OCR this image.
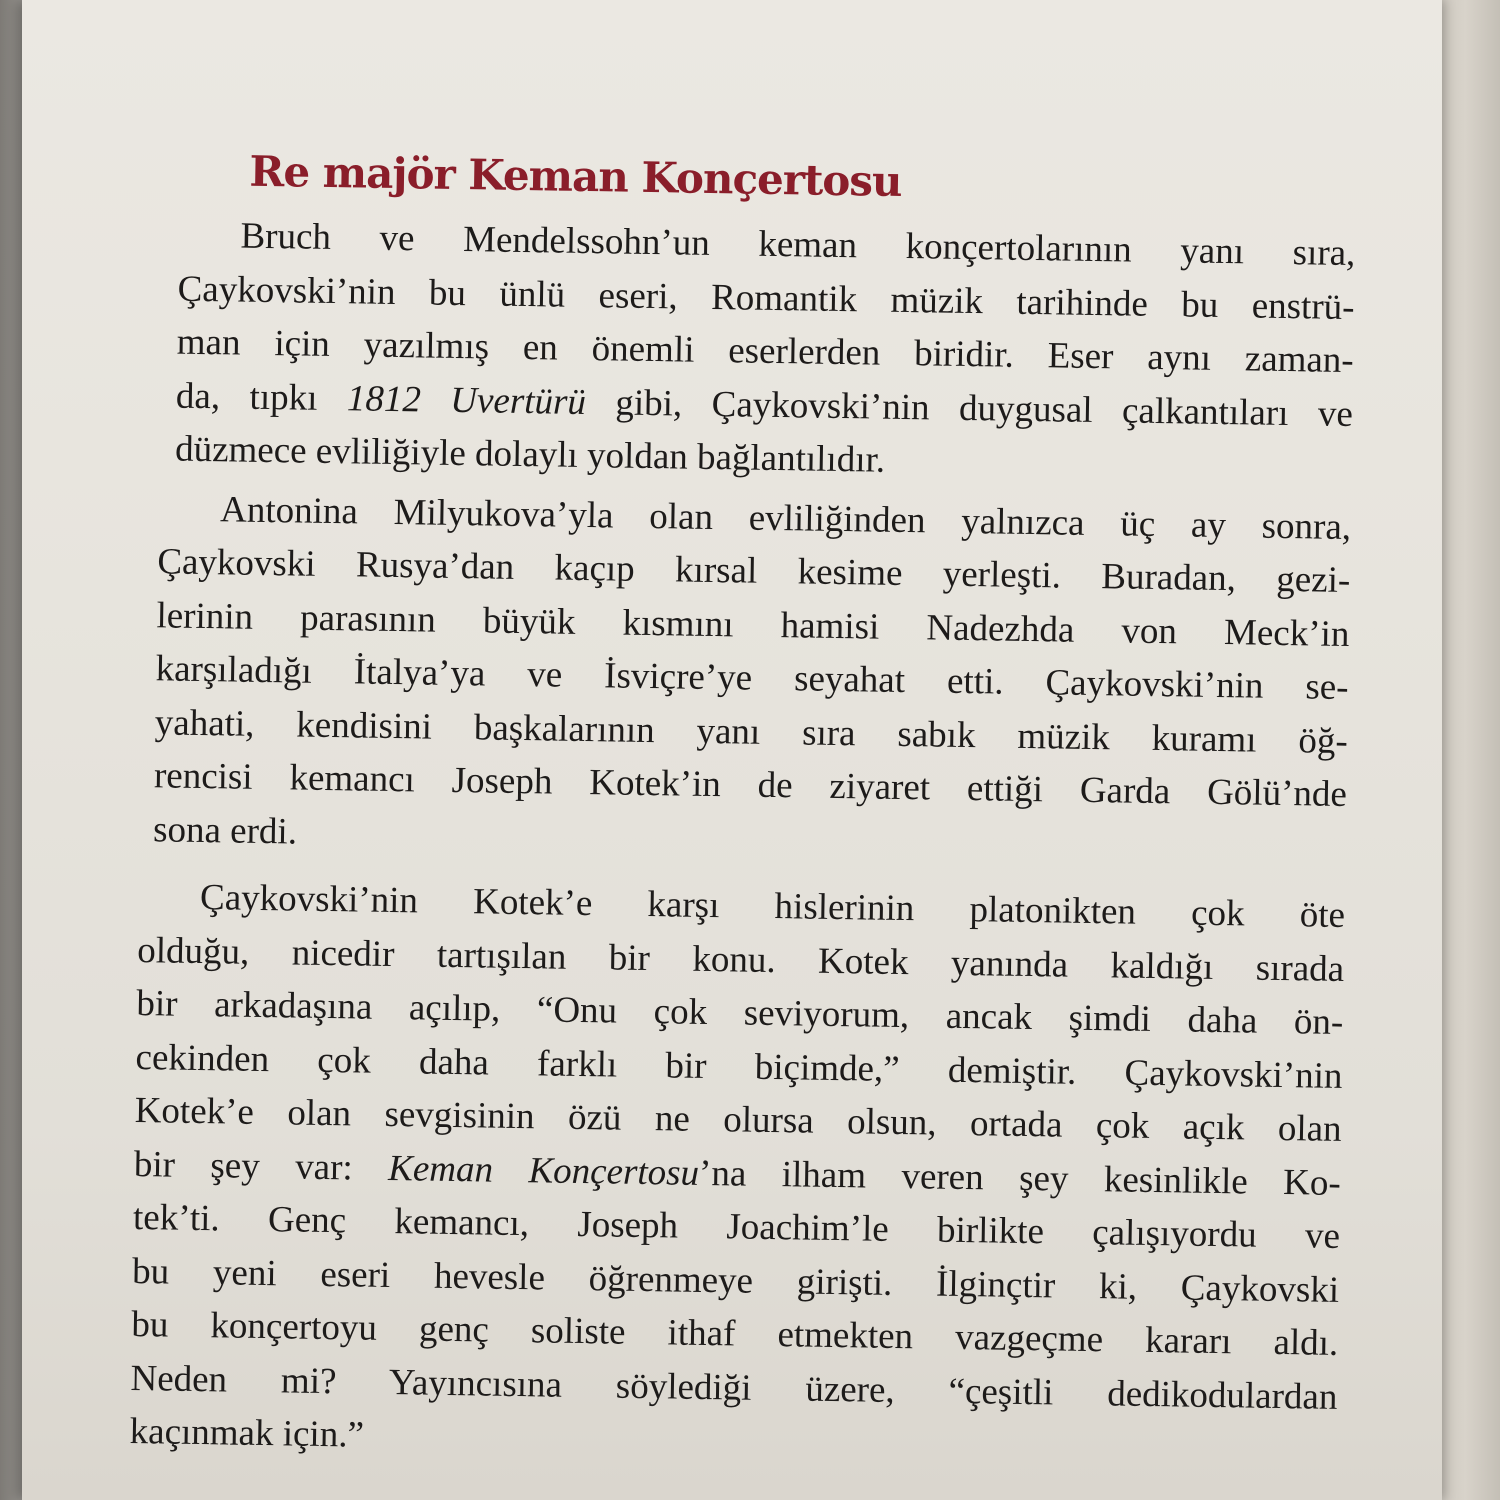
Re majör Keman Konçertosu
Bruch ve Mendelssohn’un keman konçertolarının yanı sıra,
Çaykovski’nin bu ünlü eseri, Romantik müzik tarihinde bu enstrü-
man için yazılmış en önemli eserlerden biridir. Eser aynı zaman-
da, tıpkı 1812 Uvertürü gibi, Çaykovski’nin duygusal çalkantıları ve
düzmece evliliğiyle dolaylı yoldan bağlantılıdır.
Antonina Milyukova’yla olan evliliğinden yalnızca üç ay sonra,
Çaykovski Rusya’dan kaçıp kırsal kesime yerleşti. Buradan, gezi-
lerinin parasının büyük kısmını hamisi Nadezhda von Meck’in
karşıladığı İtalya’ya ve İsviçre’ye seyahat etti. Çaykovski’nin se-
yahati, kendisini başkalarının yanı sıra sabık müzik kuramı öğ-
rencisi kemancı Joseph Kotek’in de ziyaret ettiği Garda Gölü’nde
sona erdi.
Çaykovski’nin Kotek’e karşı hislerinin platonikten çok öte
olduğu, nicedir tartışılan bir konu. Kotek yanında kaldığı sırada
bir arkadaşına açılıp, “Onu çok seviyorum, ancak şimdi daha ön-
cekinden çok daha farklı bir biçimde,” demiştir. Çaykovski’nin
Kotek’e olan sevgisinin özü ne olursa olsun, ortada çok açık olan
bir şey var: Keman Konçertosu’na ilham veren şey kesinlikle Ko-
tek’ti. Genç kemancı, Joseph Joachim’le birlikte çalışıyordu ve
bu yeni eseri hevesle öğrenmeye girişti. İlginçtir ki, Çaykovski
bu konçertoyu genç soliste ithaf etmekten vazgeçme kararı aldı.
Neden mi? Yayıncısına söylediği üzere, “çeşitli dedikodulardan
kaçınmak için.”
